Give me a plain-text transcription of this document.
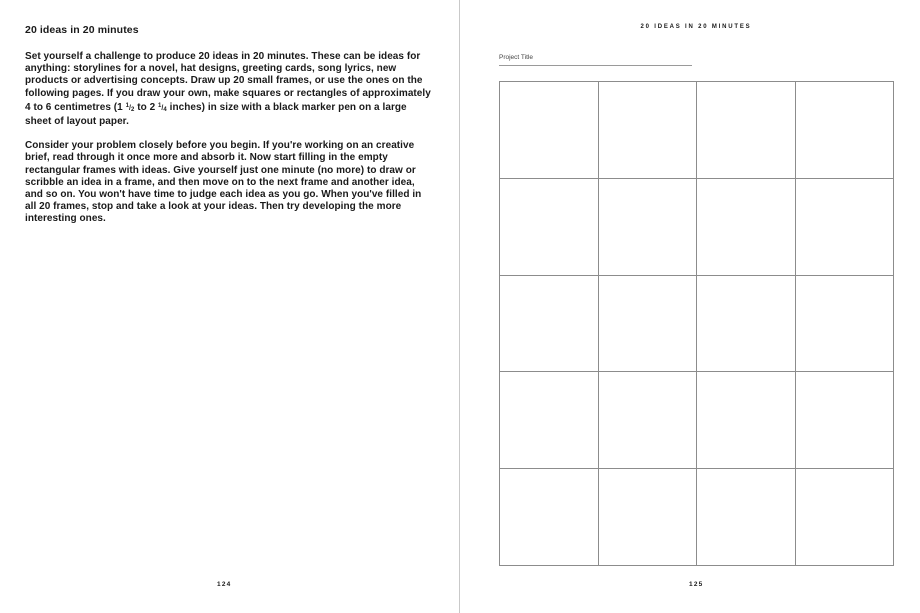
20 ideas in 20 minutes

Set yourself a challenge to produce 20 ideas in 20 minutes. These can be ideas for anything: storylines for a novel, hat designs, greeting cards, song lyrics, new products or advertising concepts. Draw up 20 small frames, or use the ones on the following pages. If you draw your own, make squares or rectangles of approximately 4 to 6 centimetres (1 $^1/_2$ to 2 $^1/_4$ inches) in size with a black marker pen on a large sheet of layout paper.

Consider your problem closely before you begin. If you're working on an creative brief, read through it once more and absorb it. Now start filling in the empty rectangular frames with ideas. Give yourself just one minute (no more) to draw or scribble an idea in a frame, and then move on to the next frame and another idea, and so on. You won't have time to judge each idea as you go. When you've filled in all 20 frames, stop and take a look at your ideas. Then try developing the more interesting ones.

124
20 IDEAS IN 20 MINUTES
Project Title
125
